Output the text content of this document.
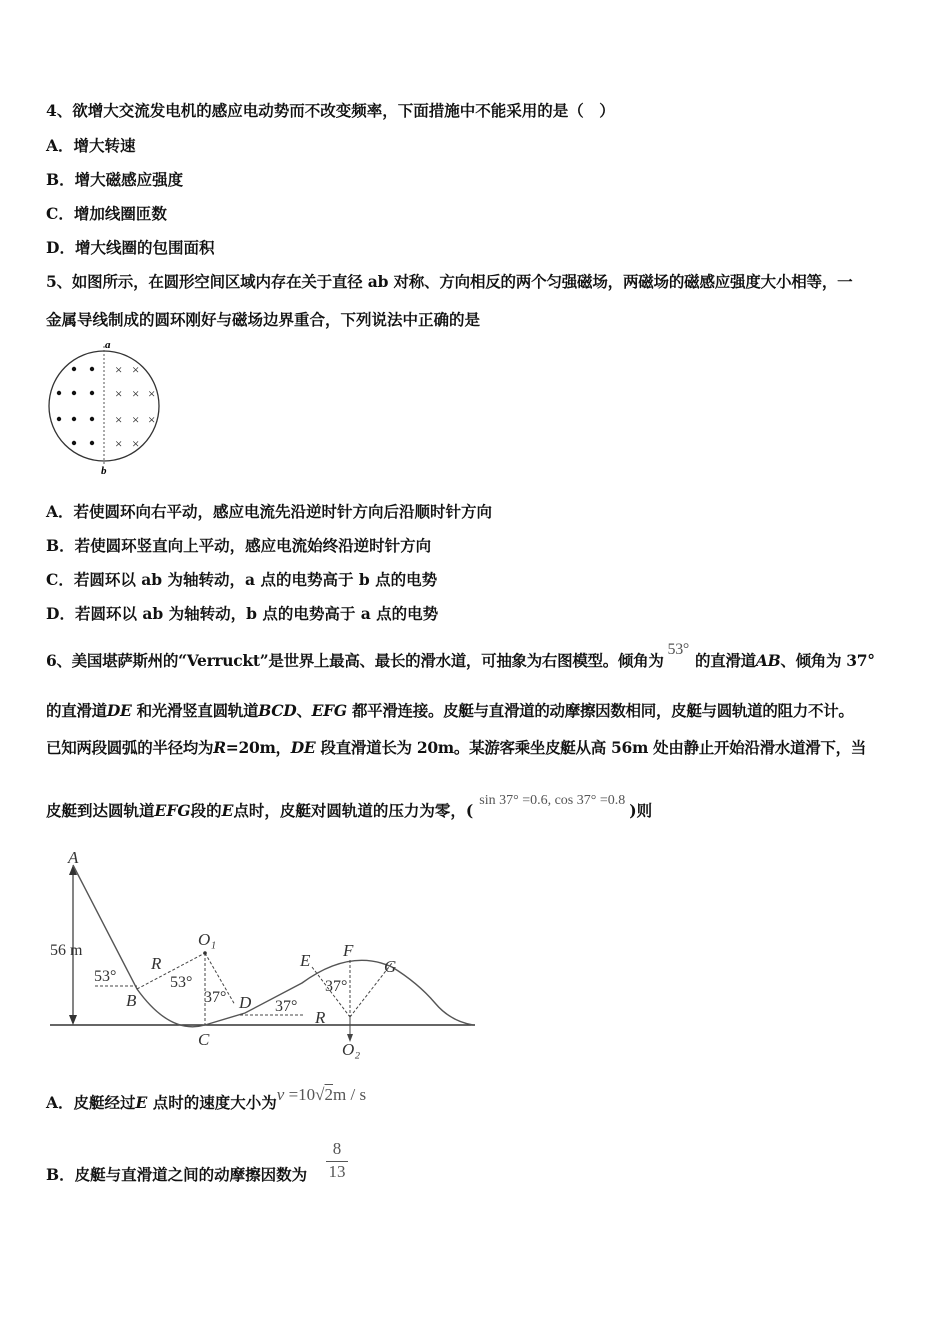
4、欲增大交流发电机的感应电动势而不改变频率，下面措施中不能采用的是（　）
A．增大转速
B．增大磁感应强度
C．增加线圈匝数
D．增大线圈的包围面积
5、如图所示，在圆形空间区域内存在关于直径 ab 对称、方向相反的两个匀强磁场，两磁场的磁感应强度大小相等，一
金属导线制成的圆环刚好与磁场边界重合，下列说法中正确的是
a
b
× ×
× × ×
× × ×
× ×
A．若使圆环向右平动，感应电流先沿逆时针方向后沿顺时针方向
B．若使圆环竖直向上平动，感应电流始终沿逆时针方向
C．若圆环以 ab 为轴转动，a 点的电势高于 b 点的电势
D．若圆环以 ab 为轴转动，b 点的电势高于 a 点的电势
6、美国堪萨斯州的“Verruckt”是世界上最高、最长的滑水道，可抽象为右图模型。倾角为53°的直滑道AB、倾角为 37°
的直滑道DE 和光滑竖直圆轨道BCD、EFG 都平滑连接。皮艇与直滑道的动摩擦因数相同，皮艇与圆轨道的阻力不计。
已知两段圆弧的半径均为R=20m，DE 段直滑道长为 20m。某游客乘坐皮艇从高 56m 处由静止开始沿滑水道滑下，当
皮艇到达圆轨道EFG段的E点时，皮艇对圆轨道的压力为零，(sin 37° =0.6, cos 37° =0.8)则
A
B
C
D
E
F
G
O₁
O₂
R
R
56 m
53°	53°
37°
37°
37°
A．皮艇经过E 点时的速度大小为v =10√2m / s
B．皮艇与直滑道之间的动摩擦因数为
8
13
